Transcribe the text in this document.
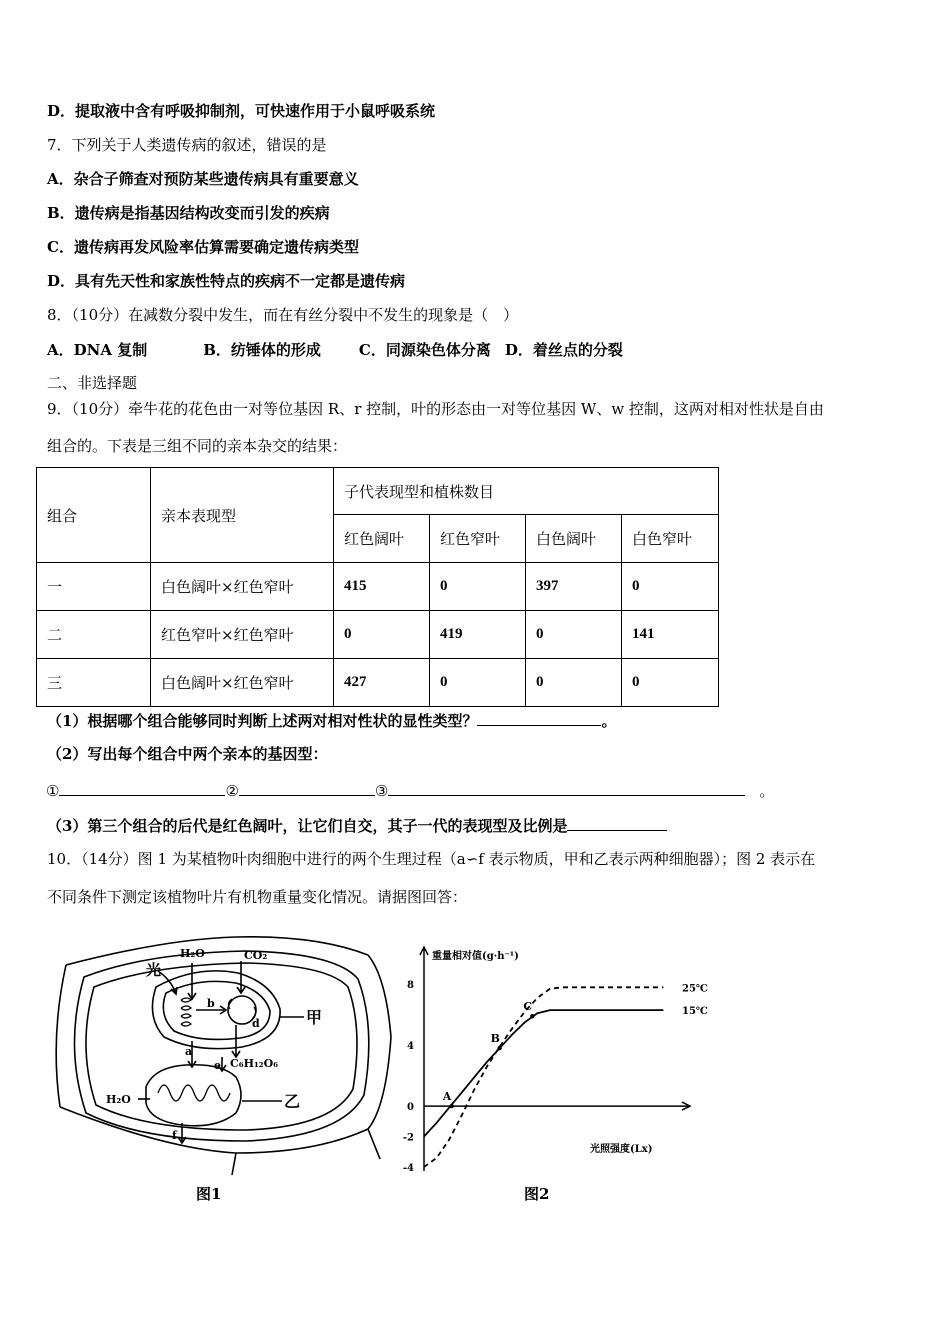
D．提取液中含有呼吸抑制剂，可快速作用于小鼠呼吸系统
7．下列关于人类遗传病的叙述，错误的是
A．杂合子筛查对预防某些遗传病具有重要意义
B．遗传病是指基因结构改变而引发的疾病
C．遗传病再发风险率估算需要确定遗传病类型
D．具有先天性和家族性特点的疾病不一定都是遗传病
8．（10分）在减数分裂中发生，而在有丝分裂中不发生的现象是（　）
A．DNA 复制	B．纺锤体的形成	C．同源染色体分离 D．着丝点的分裂
二、非选择题
9．（10分）牵牛花的花色由一对等位基因 R、r 控制，叶的形态由一对等位基因 W、w 控制，这两对相对性状是自由
组合的。下表是三组不同的亲本杂交的结果：
组合	亲本表现型	子代表现型和植株数目			
		红色阔叶	红色窄叶	白色阔叶	白色窄叶
一	白色阔叶×红色窄叶	415	0	397	0
二	红色窄叶×红色窄叶	0	419	0	141
三	白色阔叶×红色窄叶	427	0	0	0
（1）根据哪个组合能够同时判断上述两对相对性状的显性类型？	。
（2）写出每个组合中两个亲本的基因型：
①	②	③	。
（3）第三个组合的后代是红色阔叶，让它们自交，其子一代的表现型及比例是
10．（14分）图 1 为某植物叶肉细胞中进行的两个生理过程（a∽f 表示物质，甲和乙表示两种细胞器）；图 2 表示在
不同条件下测定该植物叶片有机物重量变化情况。请据图回答：
光
H₂O	CO₂
b
d	甲
a
C₆H₁₂O₆
e
H₂O	乙
f
图1
重量相对值(g·h⁻¹)
光照强度(Lx)
8
4
0
-2
-4
A
B
C	15℃
25℃
图2
